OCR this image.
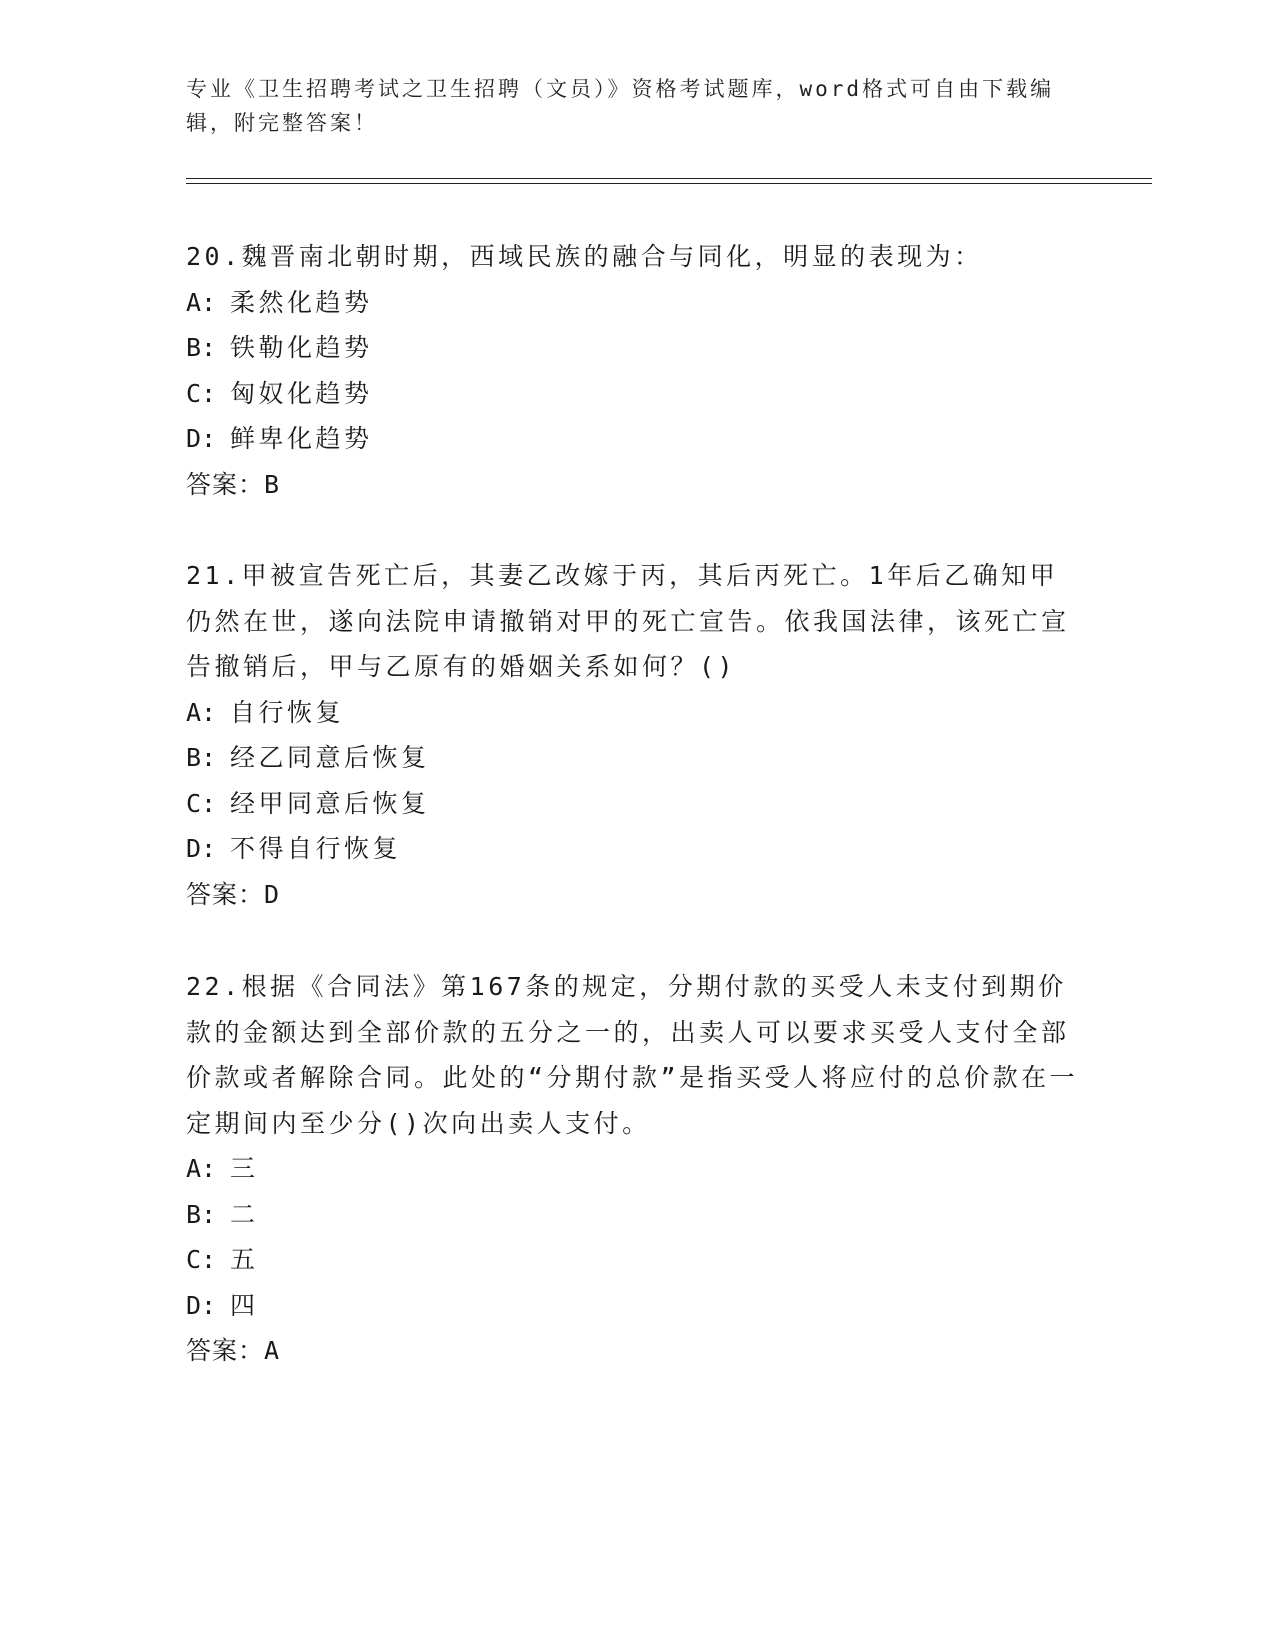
专业《卫生招聘考试之卫生招聘（文员）》资格考试题库，word格式可自由下载编辑，附完整答案！

20.魏晋南北朝时期，西域民族的融合与同化，明显的表现为：

A: 柔然化趋势

B: 铁勒化趋势

C: 匈奴化趋势

D: 鲜卑化趋势

答案：B

21.甲被宣告死亡后，其妻乙改嫁于丙，其后丙死亡。1年后乙确知甲仍然在世，遂向法院申请撤销对甲的死亡宣告。依我国法律，该死亡宣告撤销后，甲与乙原有的婚姻关系如何？()

A: 自行恢复

B: 经乙同意后恢复

C: 经甲同意后恢复

D: 不得自行恢复

答案：D

22.根据《合同法》第167条的规定，分期付款的买受人未支付到期价款的金额达到全部价款的五分之一的，出卖人可以要求买受人支付全部价款或者解除合同。此处的“分期付款”是指买受人将应付的总价款在一定期间内至少分()次向出卖人支付。

A: 三

B: 二

C: 五

D: 四

答案：A
